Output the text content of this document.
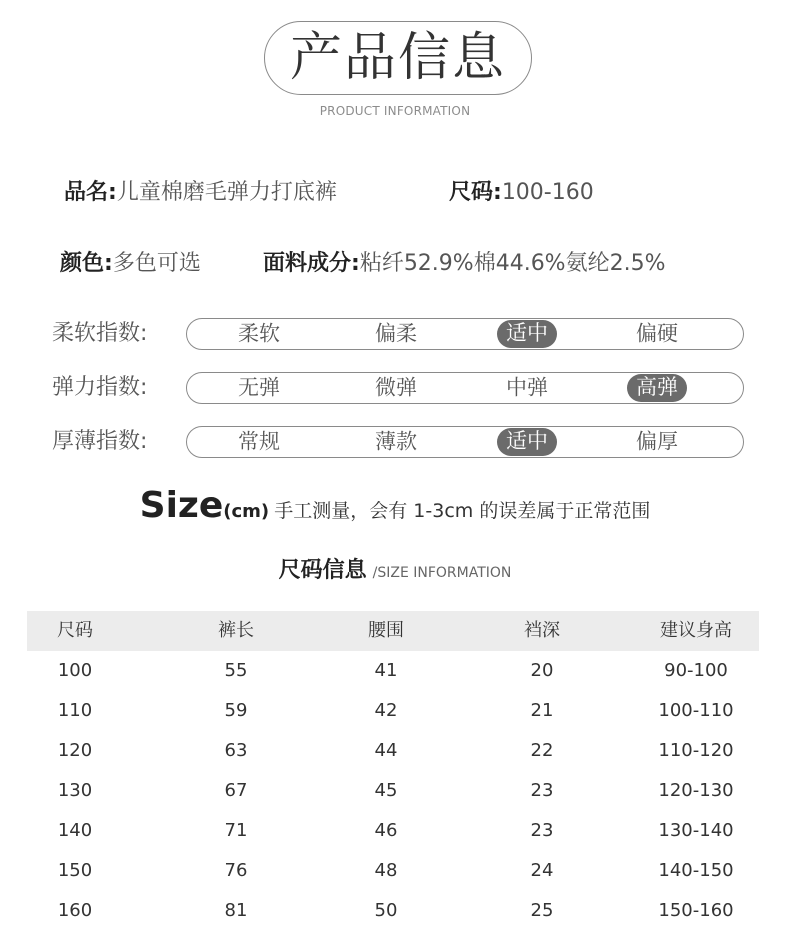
产品信息
PRODUCT INFORMATION
品名:儿童棉磨毛弹力打底裤	尺码:100-160
颜色:多色可选	面料成分:粘纤52.9%棉44.6%氨纶2.5%
柔软指数:	柔软	偏柔	适中	偏硬
弹力指数:	无弹	微弹	中弹	高弹
厚薄指数:	常规	薄款	适中	偏厚
Size(cm) 手工测量，会有 1-3cm 的误差属于正常范围
尺码信息 /SIZE INFORMATION
尺码	裤长	腰围	裆深	建议身高
100	55	41	20	90-100
110	59	42	21	100-110
120	63	44	22	110-120
130	67	45	23	120-130
140	71	46	23	130-140
150	76	48	24	140-150
160	81	50	25	150-160
